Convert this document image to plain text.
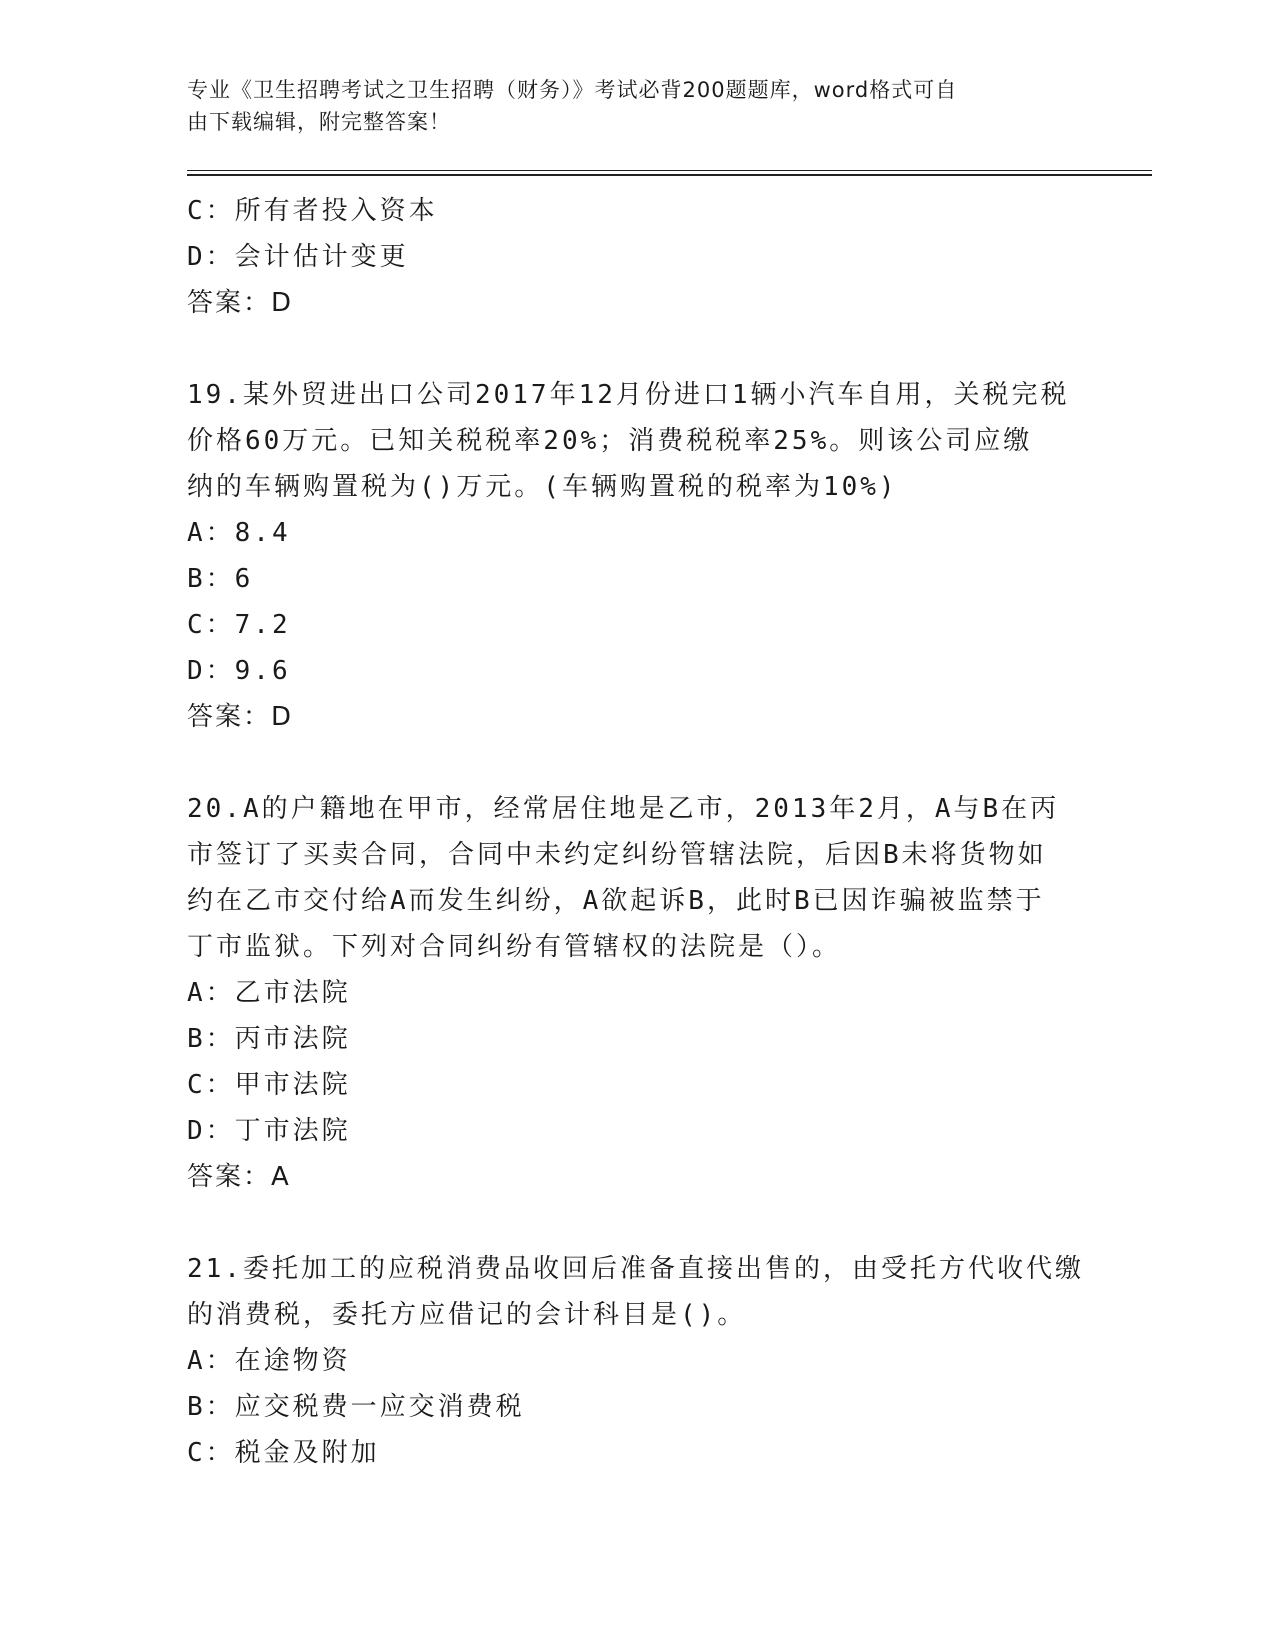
专业《卫生招聘考试之卫生招聘（财务）》考试必背200题题库，word格式可自
由下载编辑，附完整答案！
C：所有者投入资本
D：会计估计变更
答案：D
19.某外贸进出口公司2017年12月份进口1辆小汽车自用，关税完税
价格60万元。已知关税税率20%；消费税税率25%。则该公司应缴
纳的车辆购置税为()万元。(车辆购置税的税率为10%)
A：8.4
B：6
C：7.2
D：9.6
答案：D
20.A的户籍地在甲市，经常居住地是乙市，2013年2月，A与B在丙
市签订了买卖合同，合同中未约定纠纷管辖法院，后因B未将货物如
约在乙市交付给A而发生纠纷，A欲起诉B，此时B已因诈骗被监禁于
丁市监狱。下列对合同纠纷有管辖权的法院是（）。
A：乙市法院
B：丙市法院
C：甲市法院
D：丁市法院
答案：A
21.委托加工的应税消费品收回后准备直接出售的，由受托方代收代缴
的消费税，委托方应借记的会计科目是()。
A：在途物资
B：应交税费一应交消费税
C：税金及附加
